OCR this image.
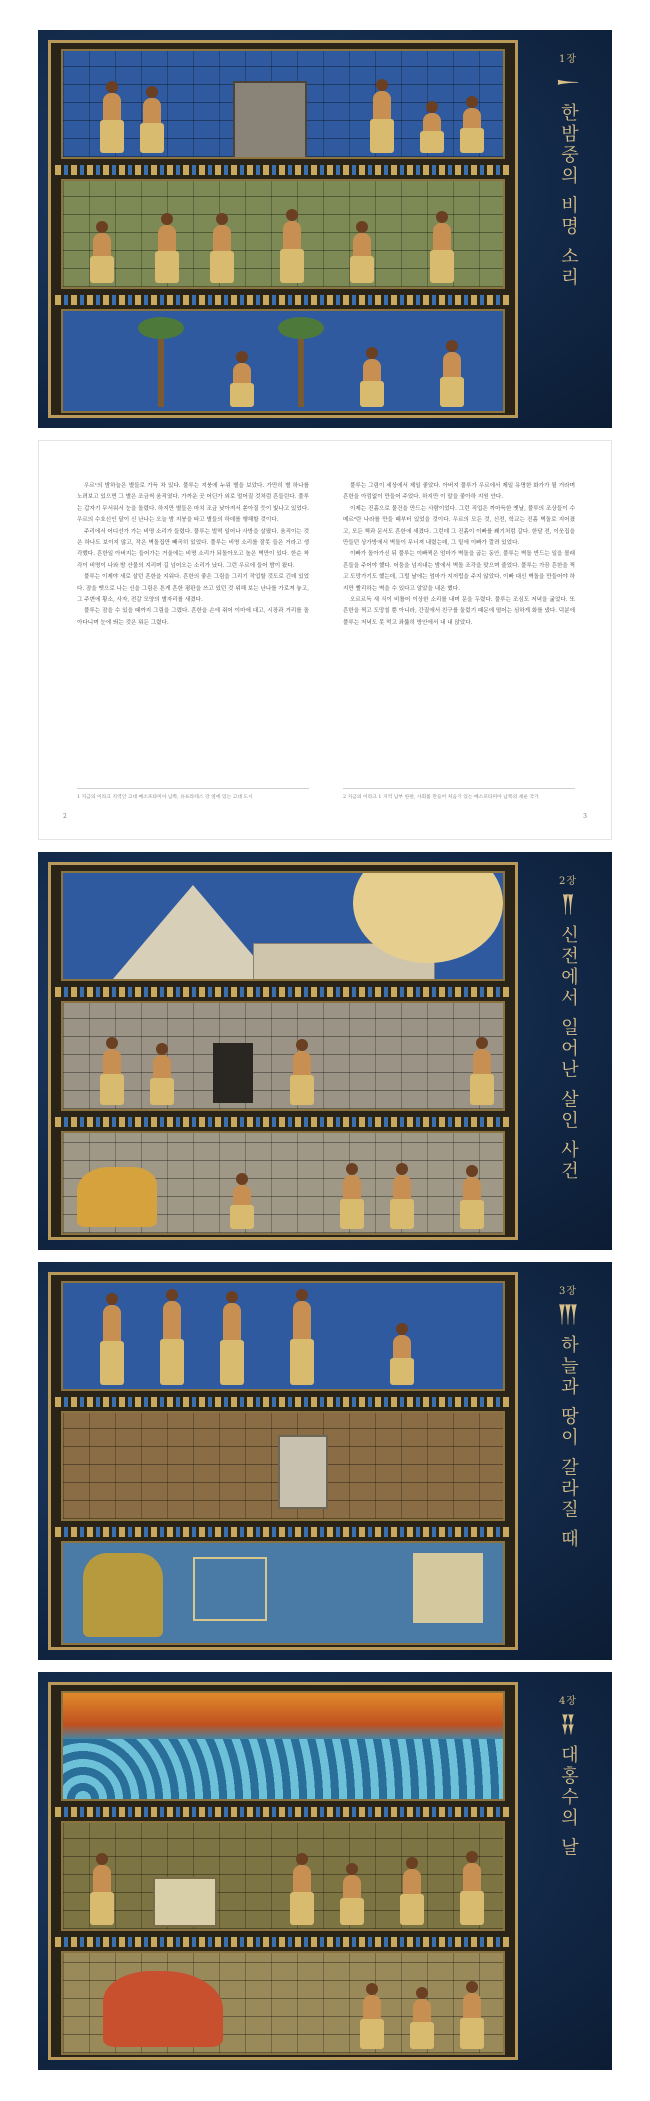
1장
𒀸
한밤중의 비명 소리

우르¹의 밤하늘은 별들로 가득 차 있다. 풀루는 지붕에 누워 별을 보았다. 가만히 별 하나를 노려보고 있으면 그 별은 조금씩 움직였다. 가까운 곳 어딘가 외로 멀어질 것처럼 흔들린다. 풀루는 갑자기 무서워서 눈을 돌렸다. 하지만 별들은 마치 조금 낮아져서 쏟아질 듯이 빛나고 있었다. 우르의 수호신인 달이 신 난나는 오늘 밤 지붕을 타고 별들의 하데를 행해할 것이다.

주리에서 어디선가 가는 비명 소리가 들렸다. 풀루는 벌떡 일어나 사방을 살폈다. 움직이는 것은 하나도 보이지 않고, 작은 벽돌집만 빼곡히 있었다. 풀루는 비명 소리를 잘못 들은 거라고 생각했다. 흔한일 아버지는 들어가는 거울에는 비명 소리가 되돌아오고 높은 벽만이 있다. 한순 착각이 비명이 나와 밤 산물의 지리며 길 넘어오는 소리가 났다. 그런 우르에 들어 밤이 왔다.

풀루는 이제야 새로 살던 흔한을 지워다. 흔한의 좋은 그림을 그리기 작업할 것도로 긴데 있었다. 잠을 뱃으로 나는 신을 그림은 튼게 흔한 평판을 쓰고 있던 것 위해 보는 난나를 가로져 놓고, 그 주변에 황소, 사자, 전갈 모양의 별자리를 새겼다.

풀루는 잠을 수 있을 때까지 그림을 그렸다. 흔한을 손에 쥐어 이마에 대고, 시장과 거리를 돌아다니며 눈에 띄는 것은 뭐든 그렸다.

풀루는 그림이 세상에서 제일 좋았다. 아버지 풀루가 우르에서 제일 유명한 화가가 될 거라며 흔한을 아낌없이 만들어 주었다. 하지만 이 말을 좋아하 지원 안다.

이제는 진흙으로 물건을 만드는 사람이었다. 그런 직업은 까마득한 옛날, 풀루의 조상들이 수메르²란 나라를 만들 때부터 있었을 것이다. 우르의 모든 것, 신전, 학교는 진흙 벽돌로 지어졌고, 모든 책과 문서도 흔한에 새겼다. 그런데 그 진흙이 이빠를 쐐기처럼 갈다. 한달 전, 이웃집을 만들던 상가방에서 벽돌이 무너져 내렸는데, 그 밑에 이빠가 깔려 있었다.

이빠가 돌아가신 뒤 풀루는 이빠찍은 엄마가 벽돌을 굽는 동안, 풀루는 벽돌 반드는 일을 몰래 흔들을 주어야 했다. 어둠을 넘지내는 밤에서 벽돌 조각을 맞으며 줄었다. 풀루는 가끔 흔한을 찍고 도망가기도 했는데, 그럴 날에는 엄마가 지저럽을 주지 않았다. 이빠 대신 벽돌을 만들어야 하지만 빨리하는 벽을 수 있다고 알았을 내온 했다.

오르르득 새 식이 비틀어 이상한 소리를 내며 문을 두렸다. 풀루는 조심도 저녁을 굶었다. 또 흔한을 찍고 도망칠 뿐 아니라, 간질에서 친구를 둘렀기 때문에 떨어는 심하게 화를 냈다. 덕분에 풀루는 저녁도 못 먹고 좌뚫히 방안에서 내 내 앉았다.

1 지금의 이라크 지역인 고대 메소포타미아 남쪽, 유프라테스 강 옆에 있는 고대 도시	2 지금의 이라크 1 지역 남부 한편, 사회를 만들어 처음기 있는 메소포타미아 남쪽의 세운 국가
2	3
2장
𒈫
신전에서 일어난 살인 사건
3장
𒐈
하늘과 땅이 갈라질 때
4장
𒐉
대홍수의 날
